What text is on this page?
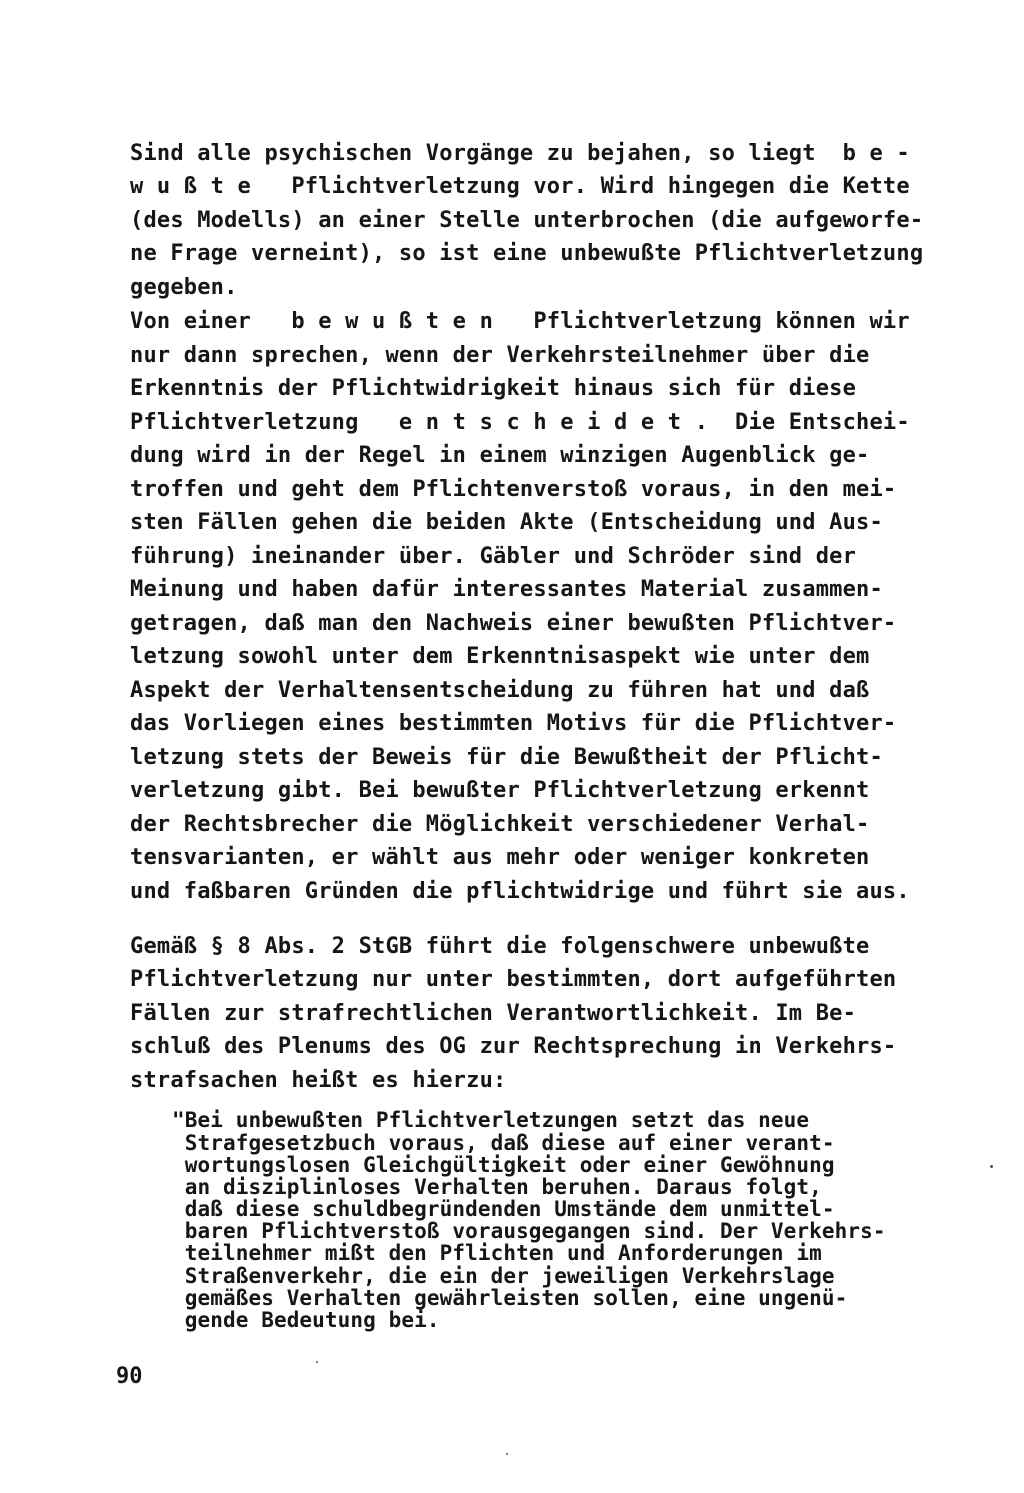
Sind alle psychischen Vorgänge zu bejahen, so liegt  b e -
w u ß t e   Pflichtverletzung vor. Wird hingegen die Kette
(des Modells) an einer Stelle unterbrochen (die aufgeworfe-
ne Frage verneint), so ist eine unbewußte Pflichtverletzung
gegeben.
Von einer   b e w u ß t e n   Pflichtverletzung können wir
nur dann sprechen, wenn der Verkehrsteilnehmer über die
Erkenntnis der Pflichtwidrigkeit hinaus sich für diese
Pflichtverletzung   e n t s c h e i d e t .  Die Entschei-
dung wird in der Regel in einem winzigen Augenblick ge-
troffen und geht dem Pflichtenverstoß voraus, in den mei-
sten Fällen gehen die beiden Akte (Entscheidung und Aus-
führung) ineinander über. Gäbler und Schröder sind der
Meinung und haben dafür interessantes Material zusammen-
getragen, daß man den Nachweis einer bewußten Pflichtver-
letzung sowohl unter dem Erkenntnisaspekt wie unter dem
Aspekt der Verhaltensentscheidung zu führen hat und daß
das Vorliegen eines bestimmten Motivs für die Pflichtver-
letzung stets der Beweis für die Bewußtheit der Pflicht-
verletzung gibt. Bei bewußter Pflichtverletzung erkennt
der Rechtsbrecher die Möglichkeit verschiedener Verhal-
tensvarianten, er wählt aus mehr oder weniger konkreten
und faßbaren Gründen die pflichtwidrige und führt sie aus.
Gemäß § 8 Abs. 2 StGB führt die folgenschwere unbewußte
Pflichtverletzung nur unter bestimmten, dort aufgeführten
Fällen zur strafrechtlichen Verantwortlichkeit. Im Be-
schluß des Plenums des OG zur Rechtsprechung in Verkehrs-
strafsachen heißt es hierzu:
"Bei unbewußten Pflichtverletzungen setzt das neue
Strafgesetzbuch voraus, daß diese auf einer verant-
wortungslosen Gleichgültigkeit oder einer Gewöhnung
an disziplinloses Verhalten beruhen. Daraus folgt,
daß diese schuldbegründenden Umstände dem unmittel-
baren Pflichtverstoß vorausgegangen sind. Der Verkehrs-
teilnehmer mißt den Pflichten und Anforderungen im
Straßenverkehr, die ein der jeweiligen Verkehrslage
gemäßes Verhalten gewährleisten sollen, eine ungenü-
gende Bedeutung bei.
90
